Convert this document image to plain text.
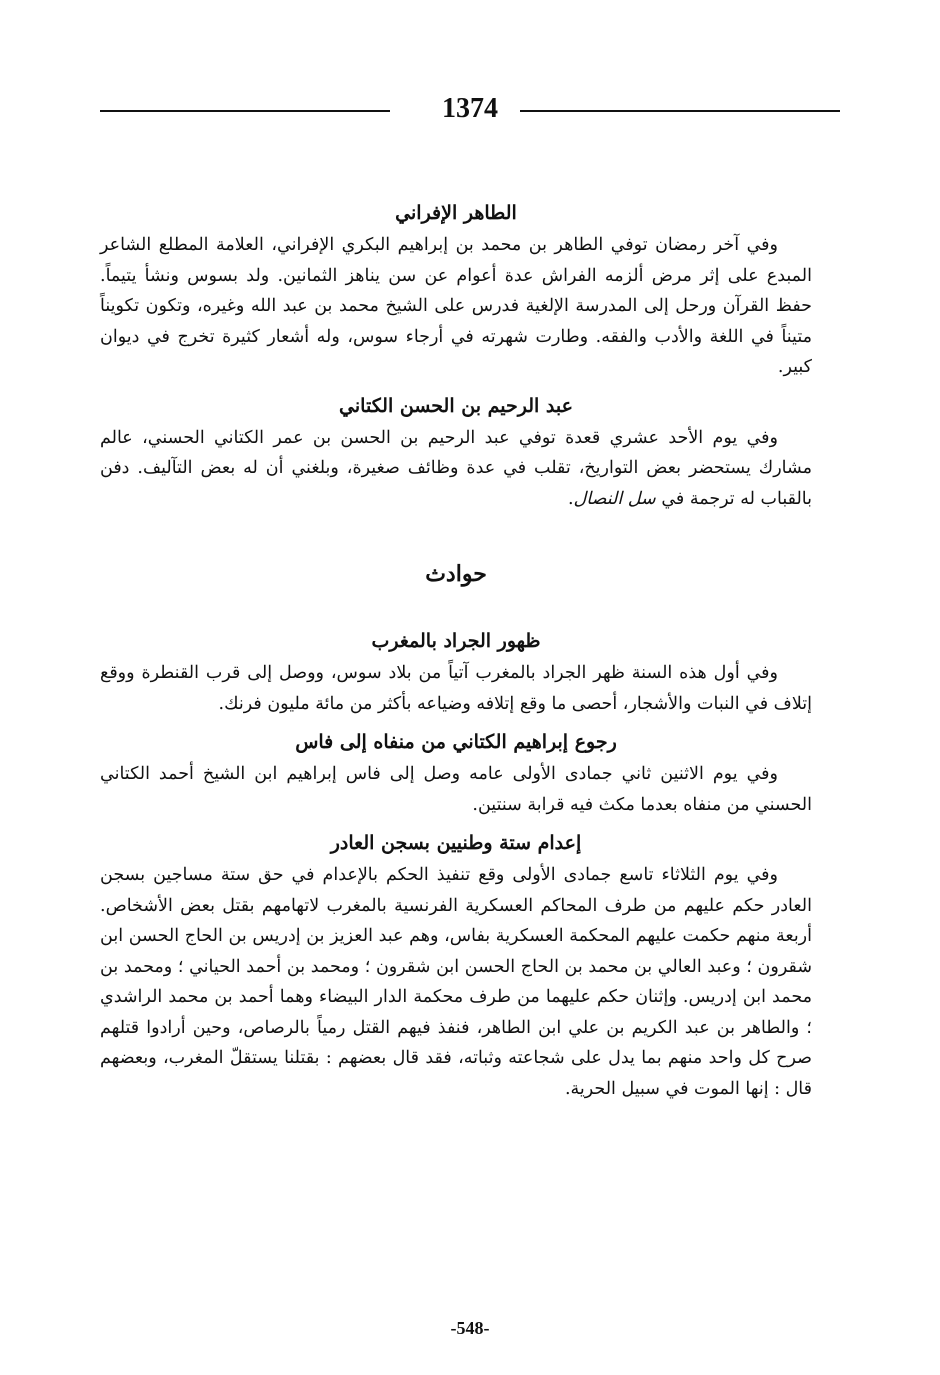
1374
الطاهر الإفراني

وفي آخر رمضان توفي الطاهر بن محمد بن إبراهيم البكري الإفراني، العلامة المطلع الشاعر المبدع على إثر مرض ألزمه الفراش عدة أعوام عن سن يناهز الثمانين. ولد بسوس ونشأ يتيماً. حفظ القرآن ورحل إلى المدرسة الإلغية فدرس على الشيخ محمد بن عبد الله وغيره، وتكون تكويناً متيناً في اللغة والأدب والفقه. وطارت شهرته في أرجاء سوس، وله أشعار كثيرة تخرج في ديوان كبير.

عبد الرحيم بن الحسن الكتاني

وفي يوم الأحد عشري قعدة توفي عبد الرحيم بن الحسن بن عمر الكتاني الحسني، عالم مشارك يستحضر بعض التواريخ، تقلب في عدة وظائف صغيرة، وبلغني أن له بعض التآليف. دفن بالقباب له ترجمة في سل النصال.

حوادث
ظهور الجراد بالمغرب

وفي أول هذه السنة ظهر الجراد بالمغرب آتياً من بلاد سوس، ووصل إلى قرب القنطرة ووقع إتلاف في النبات والأشجار، أحصى ما وقع إتلافه وضياعه بأكثر من مائة مليون فرنك.

رجوع إبراهيم الكتاني من منفاه إلى فاس

وفي يوم الاثنين ثاني جمادى الأولى عامه وصل إلى فاس إبراهيم ابن الشيخ أحمد الكتاني الحسني من منفاه بعدما مكث فيه قرابة سنتين.

إعدام ستة وطنيين بسجن العادر

وفي يوم الثلاثاء تاسع جمادى الأولى وقع تنفيذ الحكم بالإعدام في حق ستة مساجين بسجن العادر حكم عليهم من طرف المحاكم العسكرية الفرنسية بالمغرب لاتهامهم بقتل بعض الأشخاص. أربعة منهم حكمت عليهم المحكمة العسكرية بفاس، وهم عبد العزيز بن إدريس بن الحاج الحسن ابن شقرون ؛ وعبد العالي بن محمد بن الحاج الحسن ابن شقرون ؛ ومحمد بن أحمد الحياني ؛ ومحمد بن محمد ابن إدريس. وإثنان حكم عليهما من طرف محكمة الدار البيضاء وهما أحمد بن محمد الراشدي ؛ والطاهر بن عبد الكريم بن علي ابن الطاهر، فنفذ فيهم القتل رمياً بالرصاص، وحين أرادوا قتلهم صرح كل واحد منهم بما يدل على شجاعته وثباته، فقد قال بعضهم : بقتلنا يستقلّ المغرب، وبعضهم قال : إنها الموت في سبيل الحرية.

-548-
